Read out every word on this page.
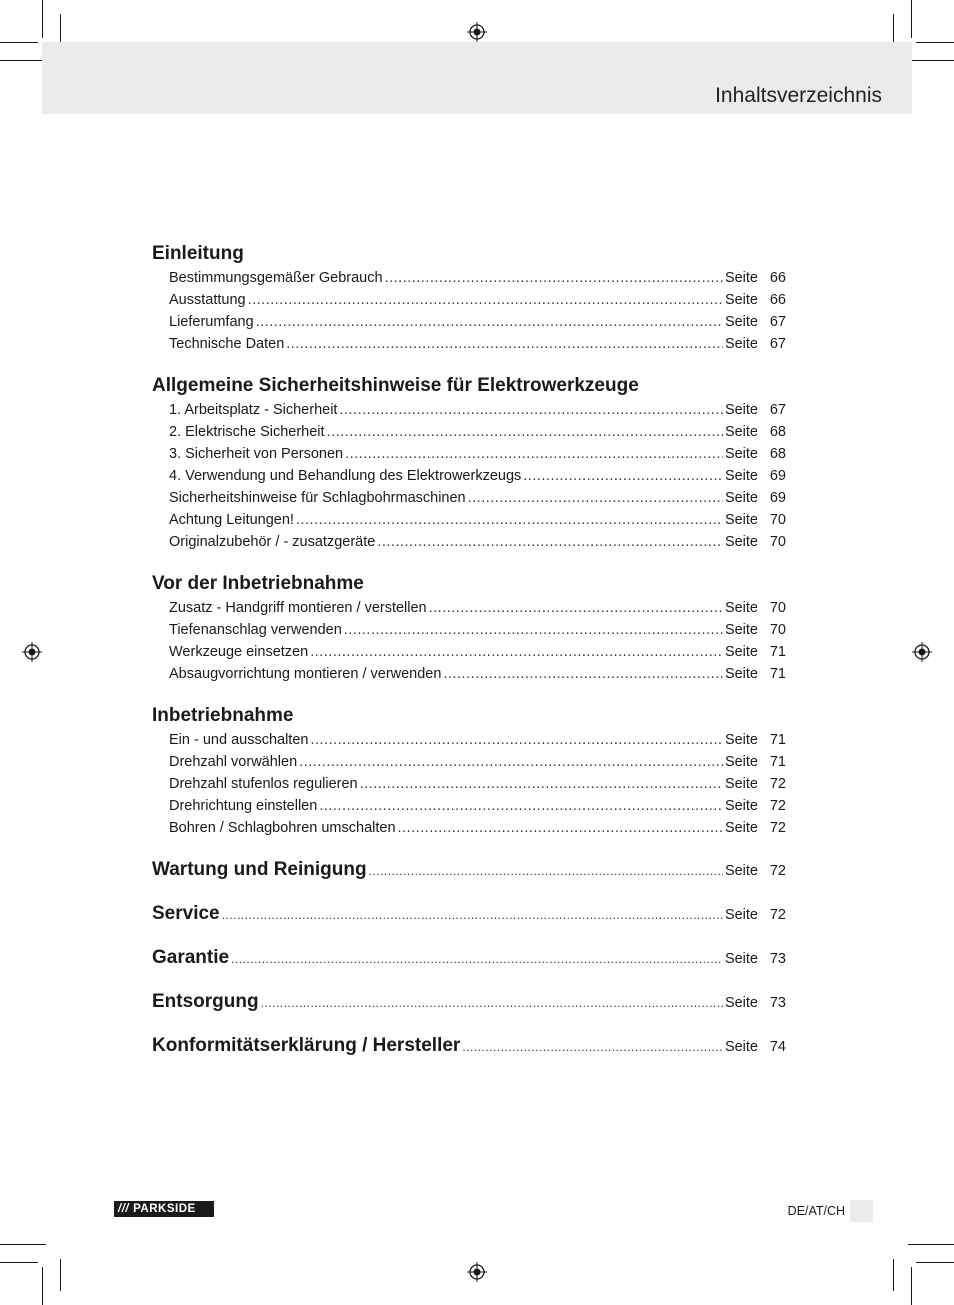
Inhaltsverzeichnis
Einleitung
Bestimmungsgemäßer Gebrauch .....	Seite 66
Ausstattung .....	Seite 66
Lieferumfang .....	Seite 67
Technische Daten .....	Seite 67
Allgemeine Sicherheitshinweise für Elektrowerkzeuge
1. Arbeitsplatz - Sicherheit .....	Seite 67
2. Elektrische Sicherheit .....	Seite 68
3. Sicherheit von Personen .....	Seite 68
4. Verwendung und Behandlung des Elektrowerkzeugs .....	Seite 69
Sicherheitshinweise für Schlagbohrmaschinen .....	Seite 69
Achtung Leitungen! .....	Seite 70
Originalzubehör / - zusatzgeräte .....	Seite 70
Vor der Inbetriebnahme
Zusatz - Handgriff montieren / verstellen .....	Seite 70
Tiefenanschlag verwenden .....	Seite 70
Werkzeuge einsetzen .....	Seite 71
Absaugvorrichtung montieren / verwenden .....	Seite 71
Inbetriebnahme
Ein - und ausschalten .....	Seite 71
Drehzahl vorwählen .....	Seite 71
Drehzahl stufenlos regulieren .....	Seite 72
Drehrichtung einstellen .....	Seite 72
Bohren / Schlagbohren umschalten .....	Seite 72
Wartung und Reinigung .....	Seite 72
Service .....	Seite 72
Garantie .....	Seite 73
Entsorgung .....	Seite 73
Konformitätserklärung / Hersteller .....	Seite 74
/// PARKSIDE	DE/AT/CH
